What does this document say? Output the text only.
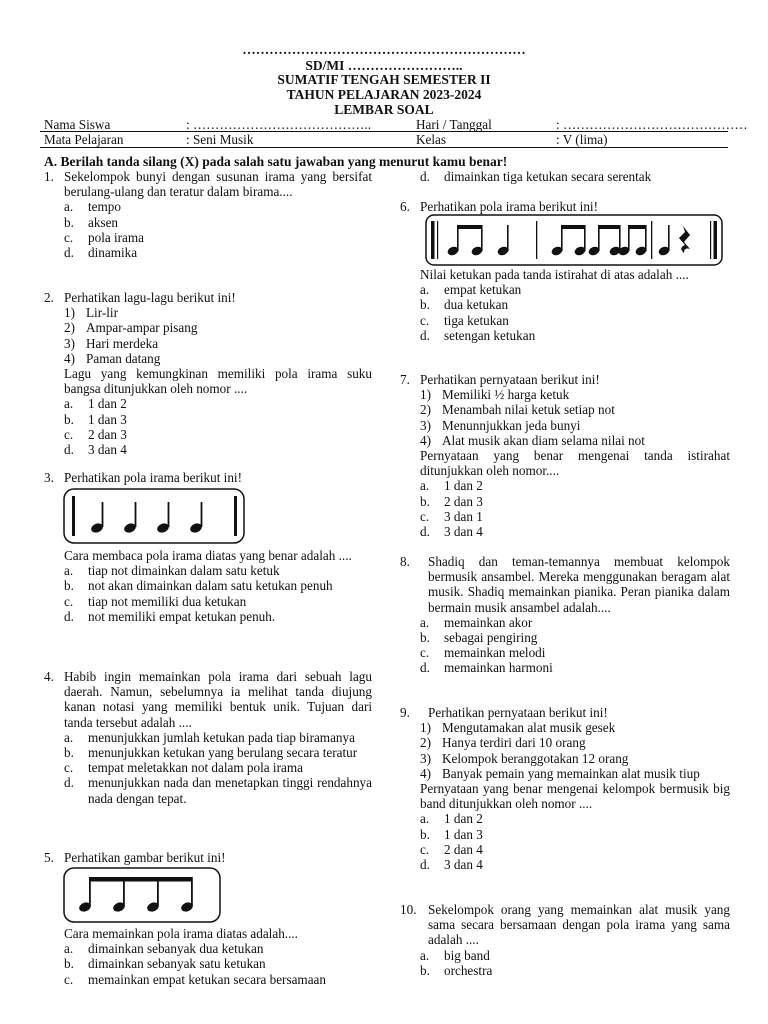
………………………………………………………
SD/MI ……………………..
SUMATIF TENGAH SEMESTER II
TAHUN PELAJARAN 2023-2024
LEMBAR SOAL
Nama Siswa	: …………………………………..	Hari / Tanggal	: ……………………………………
Mata Pelajaran	: Seni Musik	Kelas	: V (lima)
A. Berilah tanda silang (X) pada salah satu jawaban yang menurut kamu benar!
1. Sekelompok bunyi dengan susunan irama yang bersifat berulang-ulang dan teratur dalam birama....
a. tempo
b. aksen
c. pola irama
d. dinamika
2. Perhatikan lagu-lagu berikut ini!
1) Lir-lir
2) Ampar-ampar pisang
3) Hari merdeka
4) Paman datang
Lagu yang kemungkinan memiliki pola irama suku bangsa ditunjukkan oleh nomor ....
a. 1 dan 2
b. 1 dan 3
c. 2 dan 3
d. 3 dan 4
3. Perhatikan pola irama berikut ini!
Cara membaca pola irama diatas yang benar adalah ....
a. tiap not dimainkan dalam satu ketuk
b. not akan dimainkan dalam satu ketukan penuh
c. tiap not memiliki dua ketukan
d. not memiliki empat ketukan penuh.
4. Habib ingin memainkan pola irama dari sebuah lagu daerah. Namun, sebelumnya ia melihat tanda diujung kanan notasi yang memiliki bentuk unik. Tujuan dari tanda tersebut adalah ....
a. menunjukkan jumlah ketukan pada tiap biramanya
b. menunjukkan ketukan yang berulang secara teratur
c. tempat meletakkan not dalam pola irama
d. menunjukkan nada dan menetapkan tinggi rendahnya nada dengan tepat.
5. Perhatikan gambar berikut ini!
Cara memainkan pola irama diatas adalah....
a. dimainkan sebanyak dua ketukan
b. dimainkan sebanyak satu ketukan
c. memainkan empat ketukan secara bersamaan
d. dimainkan tiga ketukan secara serentak
6. Perhatikan pola irama berikut ini!
Nilai ketukan pada tanda istirahat di atas adalah ....
a. empat ketukan
b. dua ketukan
c. tiga ketukan
d. setengan ketukan
7. Perhatikan pernyataan berikut ini!
1) Memiliki ½ harga ketuk
2) Menambah nilai ketuk setiap not
3) Menunnjukkan jeda bunyi
4) Alat musik akan diam selama nilai not
Pernyataan yang benar mengenai tanda istirahat ditunjukkan oleh nomor....
a. 1 dan 2
b. 2 dan 3
c. 3 dan 1
d. 3 dan 4
8. Shadiq dan teman-temannya membuat kelompok bermusik ansambel. Mereka menggunakan beragam alat musik. Shadiq memainkan pianika. Peran pianika dalam bermain musik ansambel adalah....
a. memainkan akor
b. sebagai pengiring
c. memainkan melodi
d. memainkan harmoni
9. Perhatikan pernyataan berikut ini!
1) Mengutamakan alat musik gesek
2) Hanya terdiri dari 10 orang
3) Kelompok beranggotakan 12 orang
4) Banyak pemain yang memainkan alat musik tiup
Pernyataan yang benar mengenai kelompok bermusik big band ditunjukkan oleh nomor ....
a. 1 dan 2
b. 1 dan 3
c. 2 dan 4
d. 3 dan 4
10. Sekelompok orang yang memainkan alat musik yang sama secara bersamaan dengan pola irama yang sama adalah ....
a. big band
b. orchestra
